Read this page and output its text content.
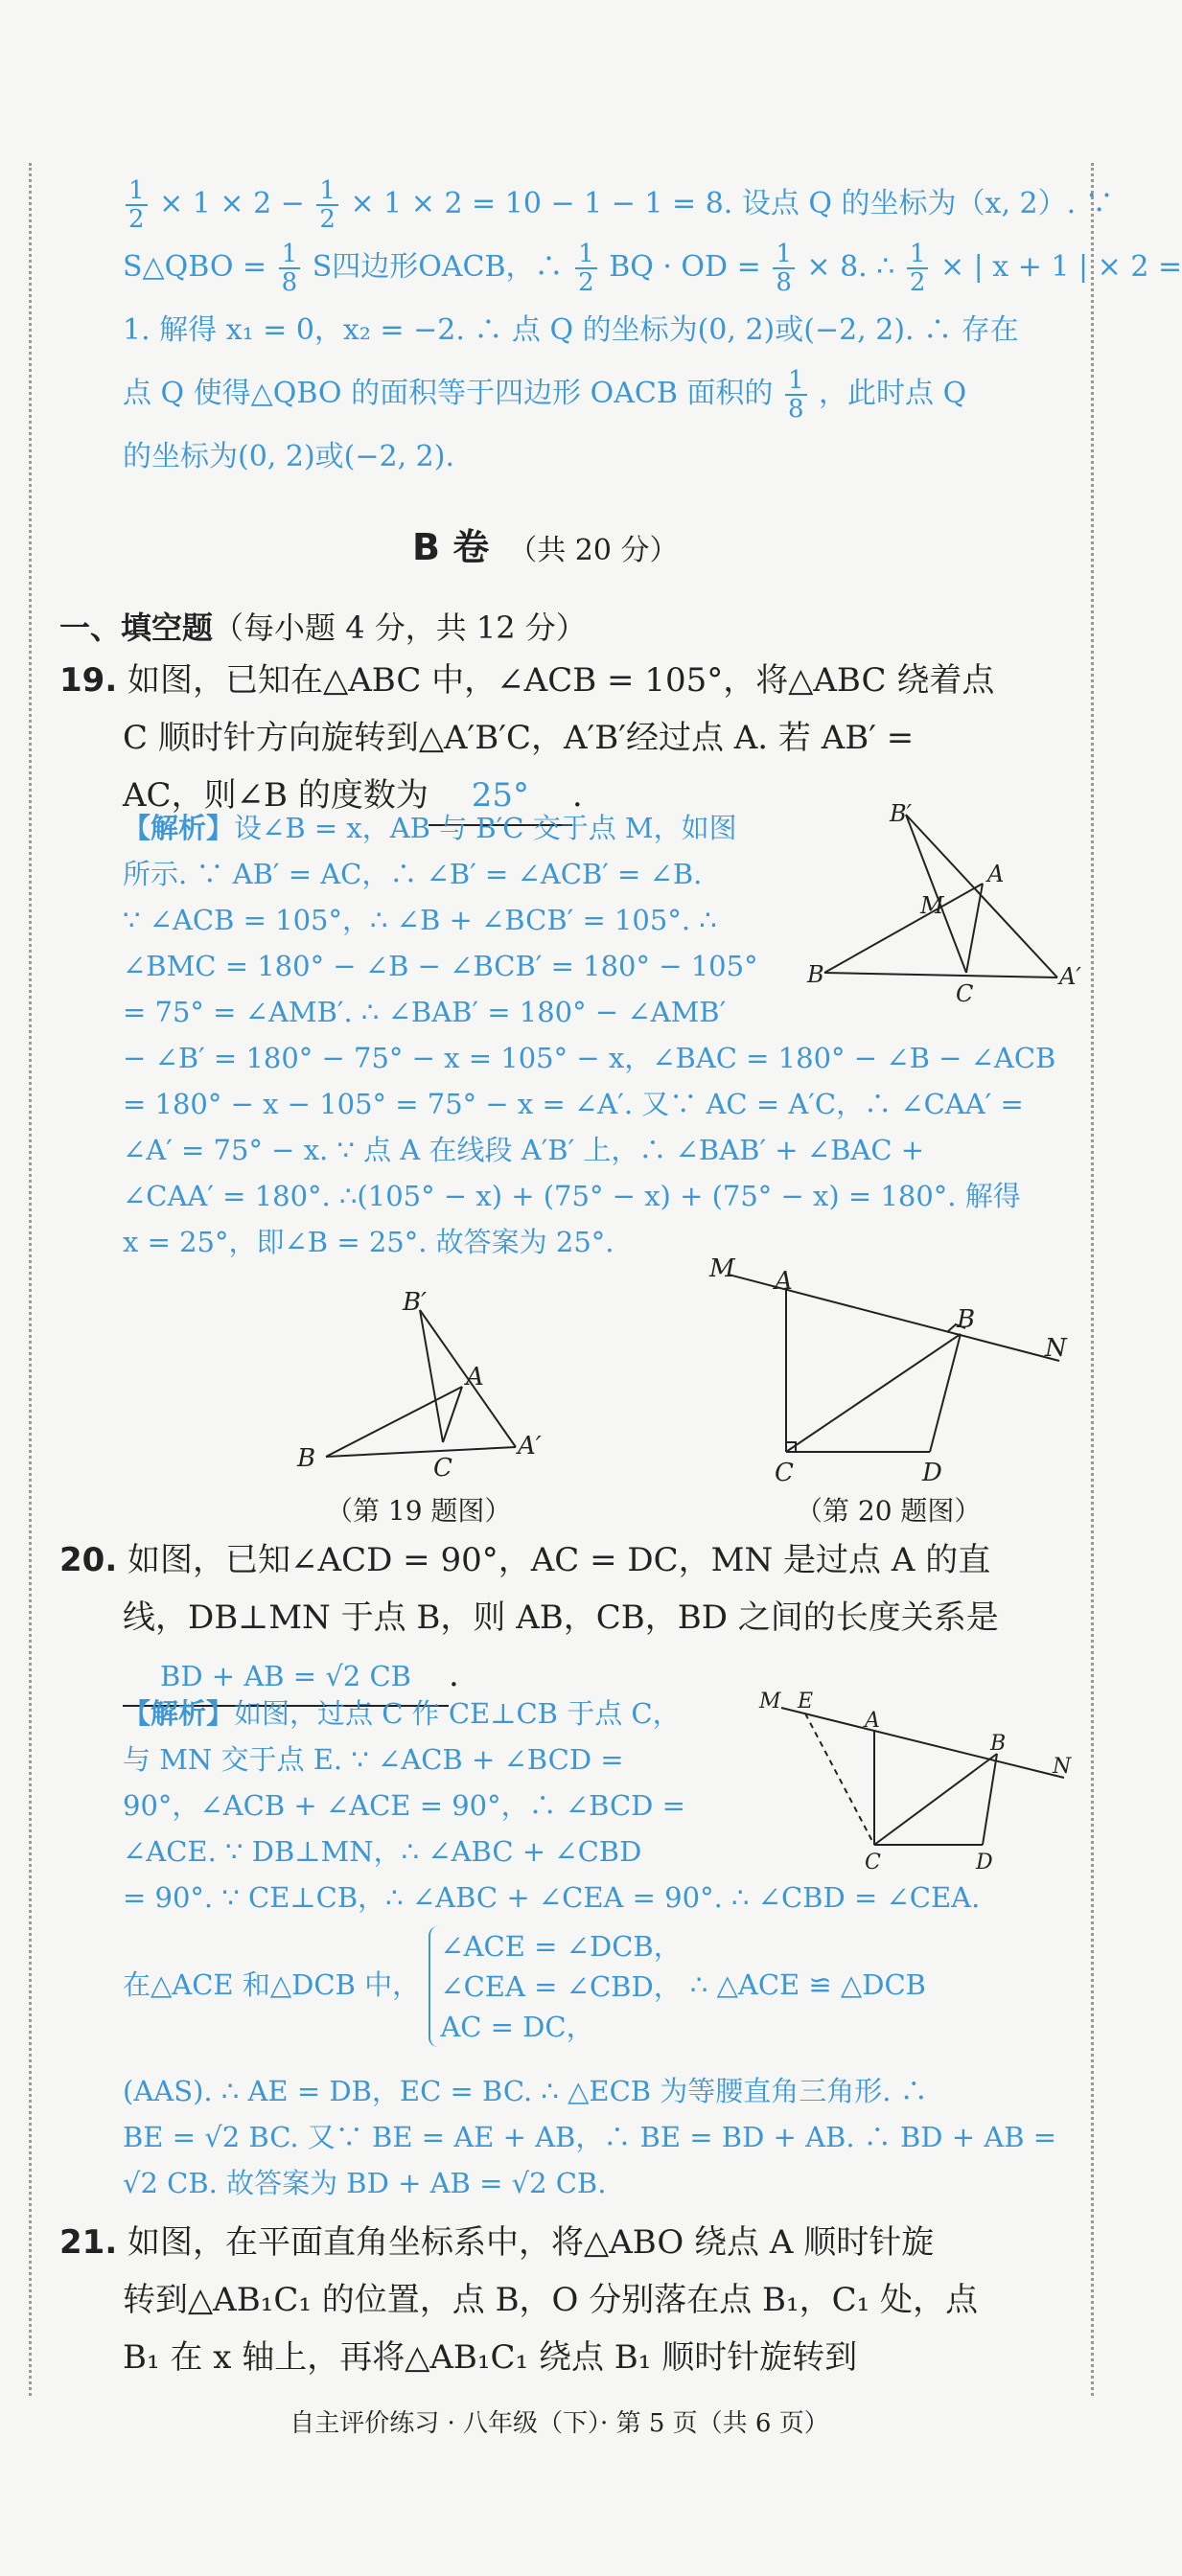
$\frac{1}{2} \times 1 \times 2 - \frac{1}{2} \times 1 \times 2 = 10 - 1 - 1 = 8$. 设点 Q 的坐标为（x, 2）. ∵

S△QBO = $\frac{1}{8}$ S四边形OACB，∴ $\frac{1}{2}$ BQ · OD = $\frac{1}{8} \times 8$. ∴ $\frac{1}{2}$ × | x + 1 | × 2 =

1. 解得 x₁ = 0，x₂ = −2. ∴ 点 Q 的坐标为(0, 2)或(−2, 2). ∴ 存在

点 Q 使得△QBO 的面积等于四边形 OACB 面积的 $\frac{1}{8}$ ，此时点 Q

的坐标为(0, 2)或(−2, 2).

B 卷 （共 20 分）
一、填空题（每小题 4 分，共 12 分）

19. 如图，已知在△ABC 中，∠ACB = 105°，将△ABC 绕着点

C 顺时针方向旋转到△A′B′C，A′B′经过点 A. 若 AB′ =

AC，则∠B 的度数为 25° .

【解析】设∠B = x，AB 与 B′C 交于点 M，如图

所示. ∵ AB′ = AC，∴ ∠B′ = ∠ACB′ = ∠B.

∵ ∠ACB = 105°，∴ ∠B + ∠BCB′ = 105°. ∴

∠BMC = 180° − ∠B − ∠BCB′ = 180° − 105°

= 75° = ∠AMB′. ∴ ∠BAB′ = 180° − ∠AMB′

− ∠B′ = 180° − 75° − x = 105° − x，∠BAC = 180° − ∠B − ∠ACB

= 180° − x − 105° = 75° − x = ∠A′. 又∵ AC = A′C，∴ ∠CAA′ =

∠A′ = 75° − x. ∵ 点 A 在线段 A′B′ 上，∴ ∠BAB′ + ∠BAC +

∠CAA′ = 180°. ∴(105° − x) + (75° − x) + (75° − x) = 180°. 解得

x = 25°，即∠B = 25°. 故答案为 25°.

B′
A
M
B
C
A′
B′
A
B	C
A′
（第 19 题图）
M A
B
N
C	D
（第 20 题图）

20. 如图，已知∠ACD = 90°，AC = DC，MN 是过点 A 的直

线，DB⊥MN 于点 B，则 AB，CB，BD 之间的长度关系是

BD + AB = √2 CB .

【解析】如图，过点 C 作 CE⊥CB 于点 C，

与 MN 交于点 E. ∵ ∠ACB + ∠BCD =

90°，∠ACB + ∠ACE = 90°，∴ ∠BCD =

∠ACE. ∵ DB⊥MN，∴ ∠ABC + ∠CBD

= 90°. ∵ CE⊥CB，∴ ∠ABC + ∠CEA = 90°. ∴ ∠CBD = ∠CEA.

在△ACE 和△DCB 中，
∠ACE = ∠DCB，
∠CEA = ∠CBD，
AC = DC，
∴ △ACE ≌ △DCB

(AAS). ∴ AE = DB，EC = BC. ∴ △ECB 为等腰直角三角形. ∴

BE = √2 BC. 又∵ BE = AE + AB，∴ BE = BD + AB. ∴ BD + AB =

√2 CB. 故答案为 BD + AB = √2 CB.

M E
A
B
N
C	D

21. 如图，在平面直角坐标系中，将△ABO 绕点 A 顺时针旋

转到△AB₁C₁ 的位置，点 B，O 分别落在点 B₁，C₁ 处，点

B₁ 在 x 轴上，再将△AB₁C₁ 绕点 B₁ 顺时针旋转到

自主评价练习 · 八年级（下）· 第 5 页（共 6 页）
